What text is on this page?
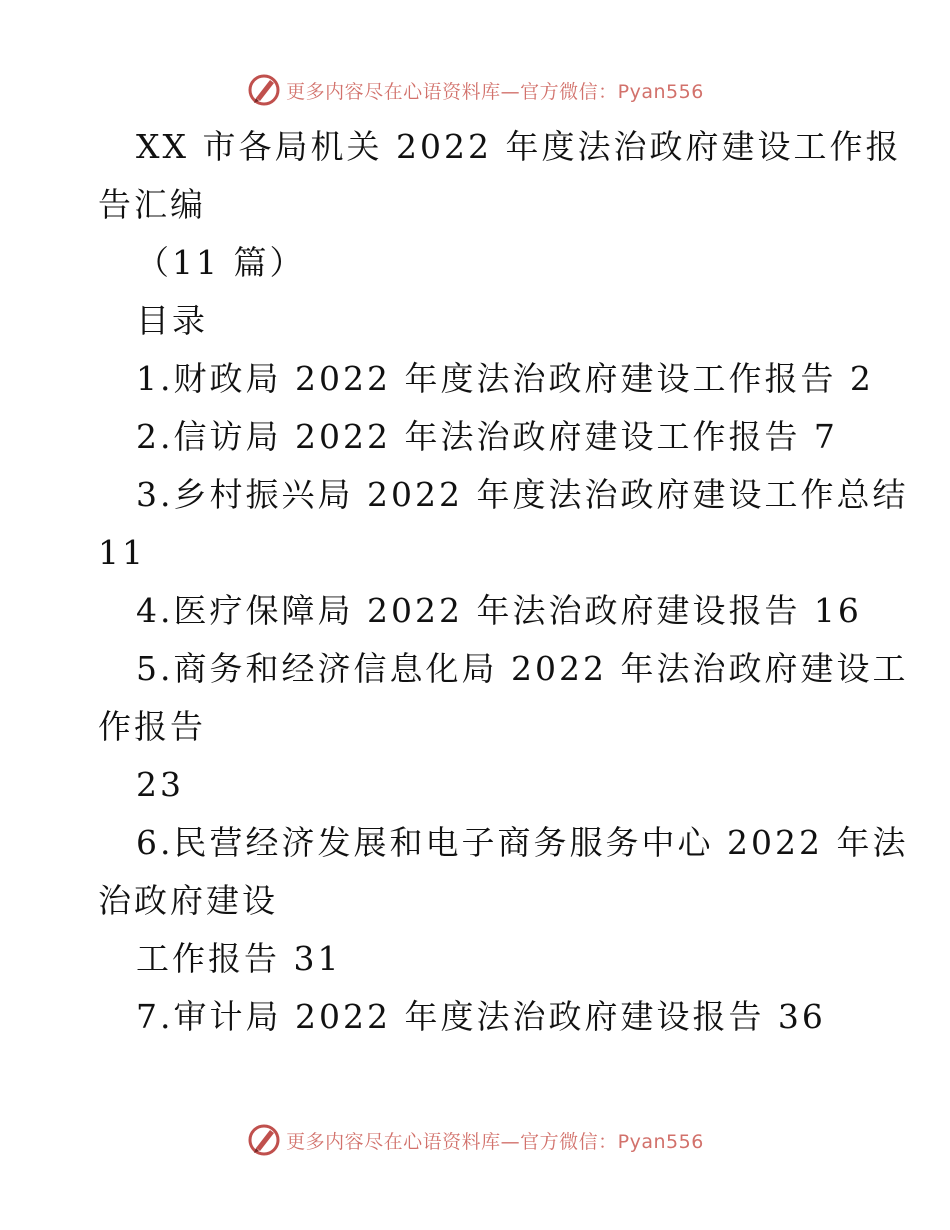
更多内容尽在心语资料库—官方微信：Pyan556
XX 市各局机关 2022 年度法治政府建设工作报
告汇编
（11 篇）
目录
1.财政局 2022 年度法治政府建设工作报告 2
2.信访局 2022 年法治政府建设工作报告 7
3.乡村振兴局 2022 年度法治政府建设工作总结
11
4.医疗保障局 2022 年法治政府建设报告 16
5.商务和经济信息化局 2022 年法治政府建设工
作报告
23
6.民营经济发展和电子商务服务中心 2022 年法
治政府建设
工作报告 31
7.审计局 2022 年度法治政府建设报告 36
更多内容尽在心语资料库—官方微信：Pyan556
